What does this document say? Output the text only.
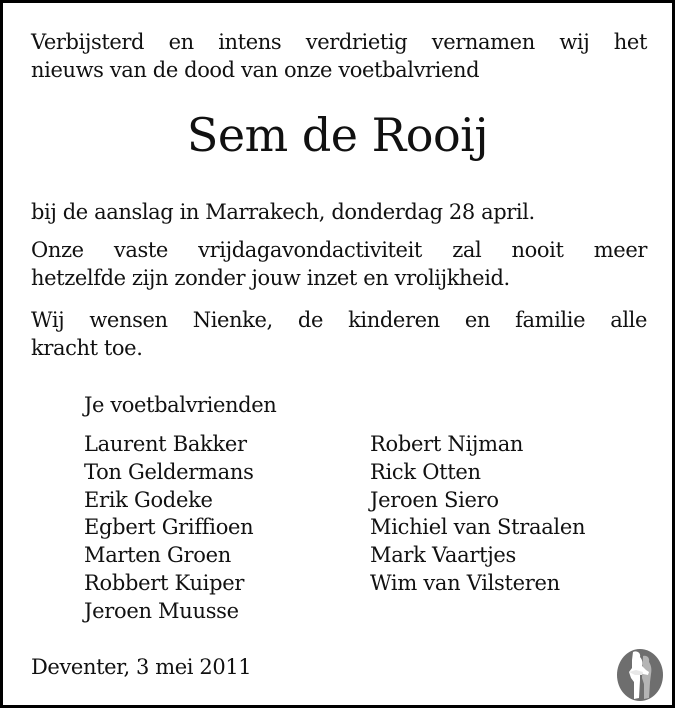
Verbijsterd en intens verdrietig vernamen wij het
nieuws van de dood van onze voetbalvriend

Sem de Rooij

bij de aanslag in Marrakech, donderdag 28 april.

Onze vaste vrijdagavondactiviteit zal nooit meer
hetzelfde zijn zonder jouw inzet en vrolijkheid.

Wij wensen Nienke, de kinderen en familie alle
kracht toe.

Je voetbalvrienden

Laurent Bakker
Ton Geldermans
Erik Godeke
Egbert Griffioen
Marten Groen
Robbert Kuiper
Jeroen Muusse
Robert Nijman
Rick Otten
Jeroen Siero
Michiel van Straalen
Mark Vaartjes
Wim van Vilsteren

Deventer, 3 mei 2011
